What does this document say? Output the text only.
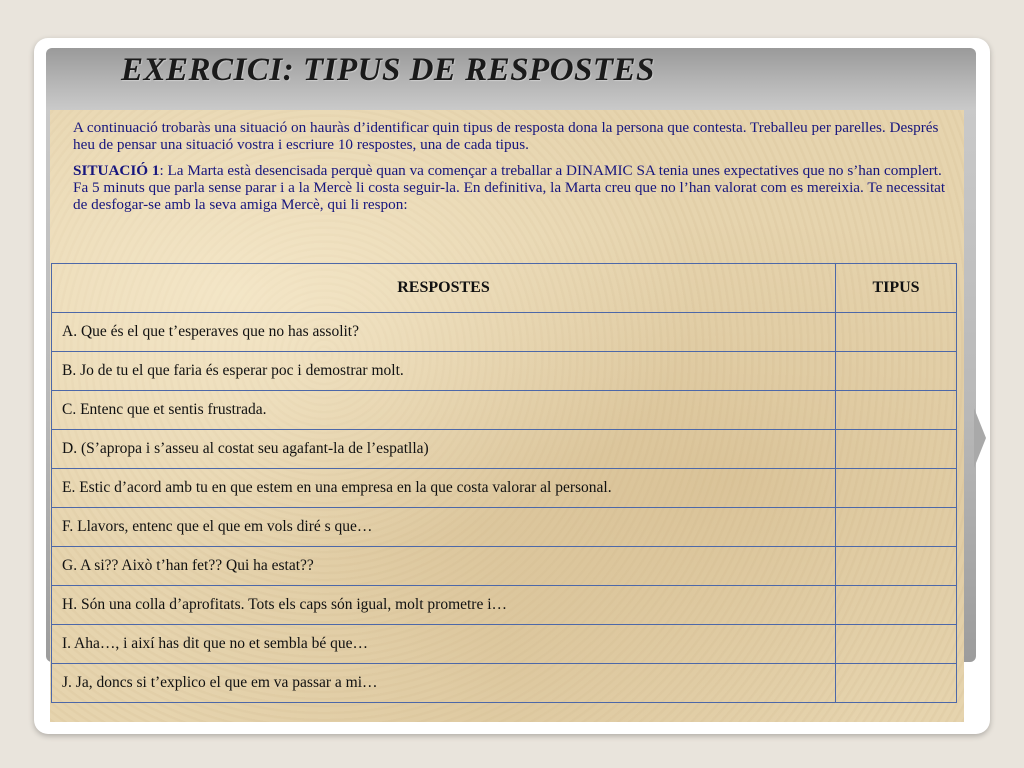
EXERCICI: TIPUS DE RESPOSTES

A continuació trobaràs una situació on hauràs d’identificar quin tipus de resposta dona la persona que contesta. Treballeu per parelles. Després heu de pensar una situació vostra i escriure 10 respostes, una de cada tipus.

SITUACIÓ 1: La Marta està desencisada perquè quan va començar a treballar a DINAMIC SA tenia unes expectatives que no s’han complert. Fa 5 minuts que parla sense parar i a la Mercè li costa seguir-la. En definitiva, la Marta creu que no l’han valorat com es mereixia. Te necessitat de desfogar-se amb la seva amiga Mercè, qui li respon:

RESPOSTES	TIPUS
A. Que és el que t’esperaves que no has assolit?	
B. Jo de tu el que faria és esperar poc i demostrar molt.	
C. Entenc que et sentis frustrada.	
D. (S’apropa i s’asseu al costat seu agafant-la de l’espatlla)	
E. Estic d’acord amb tu en que estem en una empresa en la que costa valorar al personal.	
F. Llavors, entenc que el que em vols diré s que…	
G. A si?? Això t’han fet?? Qui ha estat??	
H. Són una colla d’aprofitats. Tots els caps són igual, molt prometre i…	
I. Aha…, i així has dit que no et sembla bé que…	
J. Ja, doncs si t’explico el que em va passar a mi…	
